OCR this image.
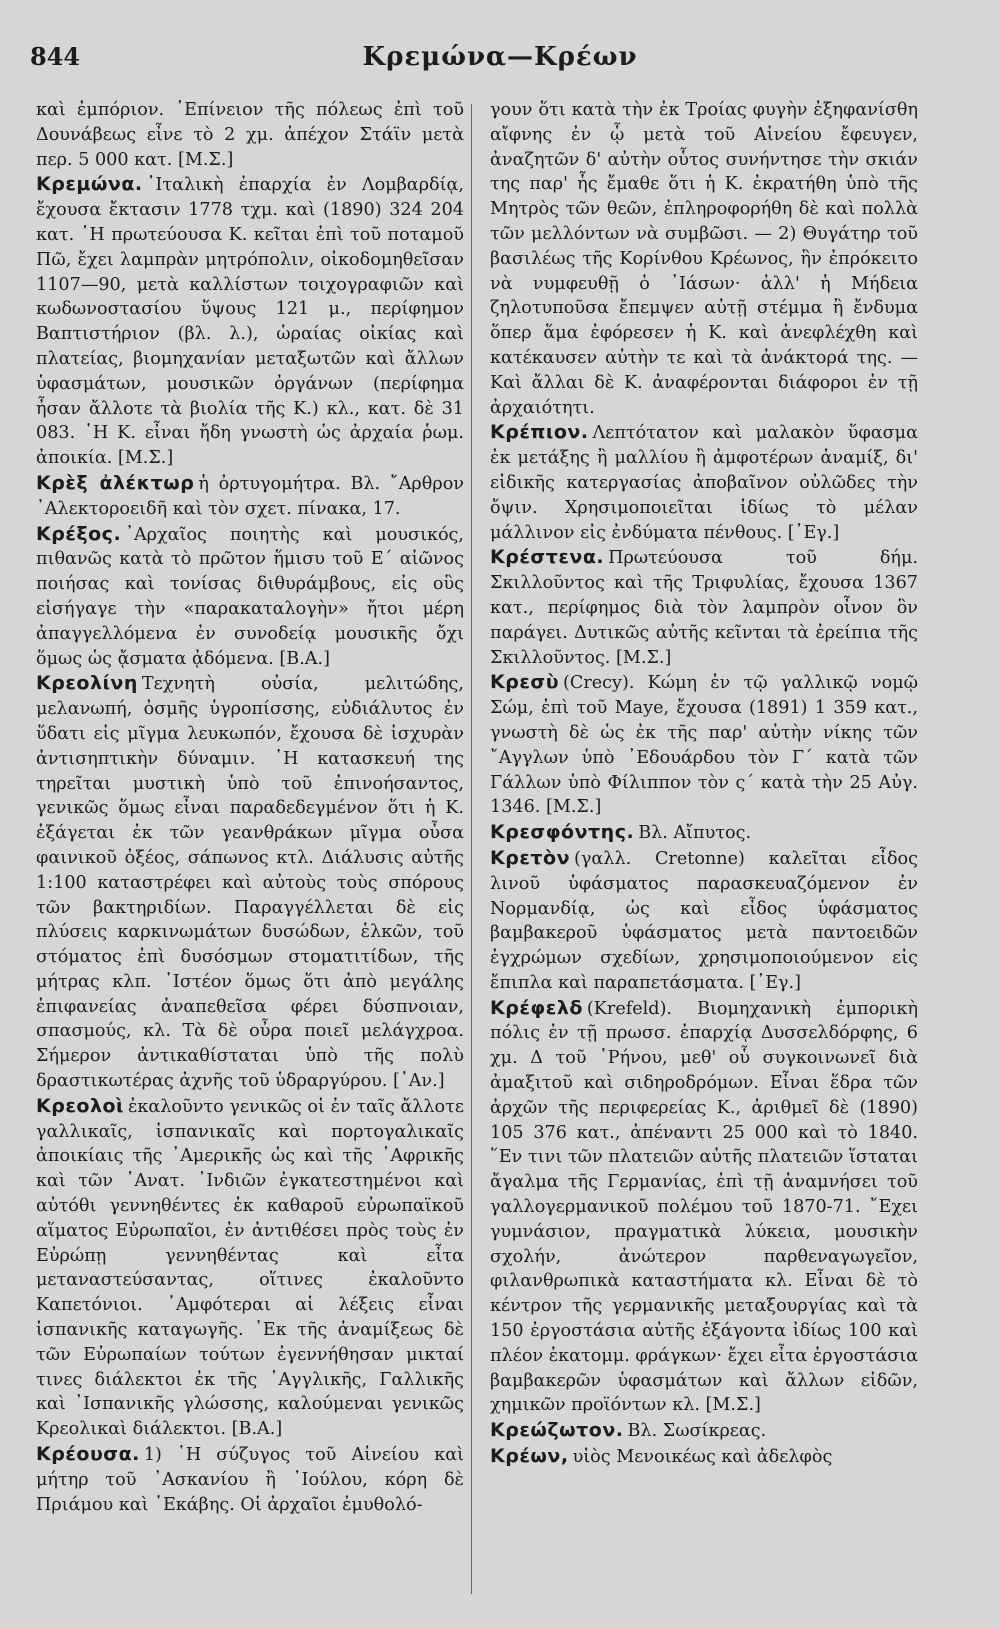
844	Κρεμώνα—Κρέων

καὶ ἐμπόριον. ᾿Επίνειον τῆς πόλεως ἐπὶ τοῦ Δουνάβεως εἶνε τὸ 2 χμ. ἀπέχον Στάϊν μετὰ περ. 5 000 κατ. [Μ.Σ.]

Κρεμώνα. ᾿Ιταλικὴ ἐπαρχία ἐν Λομβαρδίᾳ, ἔχουσα ἔκτασιν 1778 τχμ. καὶ (1890) 324 204 κατ. ῾Η πρωτεύουσα Κ. κεῖται ἐπὶ τοῦ ποταμοῦ Πῶ, ἔχει λαμπρὰν μητρόπολιν, οἰκοδομηθεῖσαν 1107—90, μετὰ καλλίστων τοιχογραφιῶν καὶ κωδωνοστασίου ὕψους 121 μ., περίφημον Βαπτιστήριον (βλ. λ.), ὡραίας οἰκίας καὶ πλατείας, βιομηχανίαν μεταξωτῶν καὶ ἄλλων ὑφασμάτων, μουσικῶν ὀργάνων (περίφημα ἦσαν ἄλλοτε τὰ βιολία τῆς Κ.) κλ., κατ. δὲ 31 083. ῾Η Κ. εἶναι ἤδη γνωστὴ ὡς ἀρχαία ῥωμ. ἀποικία. [Μ.Σ.]

Κρὲξ ἀλέκτωρ ἡ ὀρτυγομήτρα. Βλ. ῎Αρθρον ᾿Αλεκτοροειδῆ καὶ τὸν σχετ. πίνακα, 17.

Κρέξος. ᾿Αρχαῖος ποιητὴς καὶ μουσικός, πιθανῶς κατὰ τὸ πρῶτον ἥμισυ τοῦ Ε´ αἰῶνος ποιήσας καὶ τονίσας διθυράμβους, εἰς οὓς εἰσήγαγε τὴν «παρακαταλογὴν» ἤτοι μέρη ἀπαγγελλόμενα ἐν συνοδείᾳ μουσικῆς ὄχι ὅμως ὡς ᾄσματα ᾀδόμενα. [Β.Α.]

Κρεολίνη Τεχνητὴ οὐσία, μελιτώδης, μελανωπή, ὀσμῆς ὑγροπίσσης, εὐδιάλυτος ἐν ὕδατι εἰς μῖγμα λευκωπόν, ἔχουσα δὲ ἰσχυρὰν ἀντισηπτικὴν δύναμιν. ῾Η κατασκευή της τηρεῖται μυστικὴ ὑπὸ τοῦ ἐπινοήσαντος, γενικῶς ὅμως εἶναι παραδεδεγμένον ὅτι ἡ Κ. ἐξάγεται ἐκ τῶν γεανθράκων μῖγμα οὖσα φαινικοῦ ὀξέος, σάπωνος κτλ. Διάλυσις αὐτῆς 1:100 καταστρέφει καὶ αὐτοὺς τοὺς σπόρους τῶν βακτηριδίων. Παραγγέλλεται δὲ εἰς πλύσεις καρκινωμάτων δυσώδων, ἑλκῶν, τοῦ στόματος ἐπὶ δυσόσμων στοματιτίδων, τῆς μήτρας κλπ. ᾿Ιστέον ὅμως ὅτι ἀπὸ μεγάλης ἐπιφανείας ἀναπεθεῖσα φέρει δύσπνοιαν, σπασμούς, κλ. Τὰ δὲ οὖρα ποιεῖ μελάγχροα. Σήμερον ἀντικαθίσταται ὑπὸ τῆς πολὺ δραστικωτέρας ἀχνῆς τοῦ ὑδραργύρου. [᾿Αν.]

Κρεολοὶ ἐκαλοῦντο γενικῶς οἱ ἐν ταῖς ἄλλοτε γαλλικαῖς, ἱσπανικαῖς καὶ πορτογαλικαῖς ἀποικίαις τῆς ᾿Αμερικῆς ὡς καὶ τῆς ᾿Αφρικῆς καὶ τῶν ᾿Ανατ. ᾿Ινδιῶν ἐγκατεστημένοι καὶ αὐτόθι γεννηθέντες ἐκ καθαροῦ εὐρωπαϊκοῦ αἵματος Εὐρωπαῖοι, ἐν ἀντιθέσει πρὸς τοὺς ἐν Εὐρώπῃ γεννηθέντας καὶ εἶτα μεταναστεύσαντας, οἵτινες ἐκαλοῦντο Καπετόνιοι. ᾿Αμφότεραι αἱ λέξεις εἶναι ἱσπανικῆς καταγωγῆς. ᾿Εκ τῆς ἀναμίξεως δὲ τῶν Εὐρωπαίων τούτων ἐγεννήθησαν μικταί τινες διάλεκτοι ἐκ τῆς ᾿Αγγλικῆς, Γαλλικῆς καὶ ᾿Ισπανικῆς γλώσσης, καλούμεναι γενικῶς Κρεολικαὶ διάλεκτοι. [Β.Α.]

Κρέουσα. 1) ῾Η σύζυγος τοῦ Αἰνείου καὶ μήτηρ τοῦ ᾿Ασκανίου ἢ ᾿Ιούλου, κόρη δὲ Πριάμου καὶ ῾Εκάβης. Οἱ ἀρχαῖοι ἐμυθολό-

γουν ὅτι κατὰ τὴν ἐκ Τροίας φυγὴν ἐξηφανίσθη αἴφνης ἐν ᾧ μετὰ τοῦ Αἰνείου ἔφευγεν, ἀναζητῶν δ' αὐτὴν οὗτος συνήντησε τὴν σκιάν της παρ' ἧς ἔμαθε ὅτι ἡ Κ. ἐκρατήθη ὑπὸ τῆς Μητρὸς τῶν θεῶν, ἐπληροφορήθη δὲ καὶ πολλὰ τῶν μελλόντων νὰ συμβῶσι. — 2) Θυγάτηρ τοῦ βασιλέως τῆς Κορίνθου Κρέωνος, ἣν ἐπρόκειτο νὰ νυμφευθῇ ὁ ᾿Ιάσων· ἀλλ' ἡ Μήδεια ζηλοτυποῦσα ἔπεμψεν αὐτῇ στέμμα ἢ ἔνδυμα ὅπερ ἅμα ἐφόρεσεν ἡ Κ. καὶ ἀνεφλέχθη καὶ κατέκαυσεν αὐτὴν τε καὶ τὰ ἀνάκτορά της. — Καὶ ἄλλαι δὲ Κ. ἀναφέρονται διάφοροι ἐν τῇ ἀρχαιότητι.

Κρέπιον. Λεπτότατον καὶ μαλακὸν ὕφασμα ἐκ μετάξης ἢ μαλλίου ἢ ἀμφοτέρων ἀναμίξ, δι' εἰδικῆς κατεργασίας ἀποβαῖνον οὐλῶδες τὴν ὄψιν. Χρησιμοποιεῖται ἰδίως τὸ μέλαν μάλλινον εἰς ἐνδύματα πένθους. [᾿Εγ.]

Κρέστενα. Πρωτεύουσα τοῦ δήμ. Σκιλλοῦντος καὶ τῆς Τριφυλίας, ἔχουσα 1367 κατ., περίφημος διὰ τὸν λαμπρὸν οἶνον ὃν παράγει. Δυτικῶς αὐτῆς κεῖνται τὰ ἐρείπια τῆς Σκιλλοῦντος. [Μ.Σ.]

Κρεσὺ (Crecy). Κώμη ἐν τῷ γαλλικῷ νομῷ Σώμ, ἐπὶ τοῦ Maye, ἔχουσα (1891) 1 359 κατ., γνωστὴ δὲ ὡς ἐκ τῆς παρ' αὐτὴν νίκης τῶν ῎Αγγλων ὑπὸ ᾿Εδουάρδου τὸν Γ´ κατὰ τῶν Γάλλων ὑπὸ Φίλιππον τὸν ς´ κατὰ τὴν 25 Αὐγ. 1346. [Μ.Σ.]

Κρεσφόντης. Βλ. Αἴπυτος.

Κρετὸν (γαλλ. Cretonne) καλεῖται εἶδος λινοῦ ὑφάσματος παρασκευαζόμενον ἐν Νορμανδίᾳ, ὡς καὶ εἶδος ὑφάσματος βαμβακεροῦ ὑφάσματος μετὰ παντοειδῶν ἐγχρώμων σχεδίων, χρησιμοποιούμενον εἰς ἔπιπλα καὶ παραπετάσματα. [᾿Εγ.]

Κρέφελδ (Krefeld). Βιομηχανικὴ ἐμπορικὴ πόλις ἐν τῇ πρωσσ. ἐπαρχίᾳ Δυσσελδόρφης, 6 χμ. Δ τοῦ ῾Ρήνου, μεθ' οὗ συγκοινωνεῖ διὰ ἀμαξιτοῦ καὶ σιδηροδρόμων. Εἶναι ἕδρα τῶν ἀρχῶν τῆς περιφερείας Κ., ἀριθμεῖ δὲ (1890) 105 376 κατ., ἀπέναντι 25 000 καὶ τὸ 1840. ῞Εν τινι τῶν πλατειῶν αὐτῆς πλατειῶν ἵσταται ἄγαλμα τῆς Γερμανίας, ἐπὶ τῇ ἀναμνήσει τοῦ γαλλογερμανικοῦ πολέμου τοῦ 1870-71. ῎Εχει γυμνάσιον, πραγματικὰ λύκεια, μουσικὴν σχολήν, ἀνώτερον παρθεναγωγεῖον, φιλανθρωπικὰ καταστήματα κλ. Εἶναι δὲ τὸ κέντρον τῆς γερμανικῆς μεταξουργίας καὶ τὰ 150 ἐργοστάσια αὐτῆς ἐξάγοντα ἰδίως 100 καὶ πλέον ἑκατομμ. φράγκων· ἔχει εἶτα ἐργοστάσια βαμβακερῶν ὑφασμάτων καὶ ἄλλων εἰδῶν, χημικῶν προϊόντων κλ. [Μ.Σ.]

Κρεώζωτον. Βλ. Σωσίκρεας.

Κρέων, υἱὸς Μενοικέως καὶ ἀδελφὸς
